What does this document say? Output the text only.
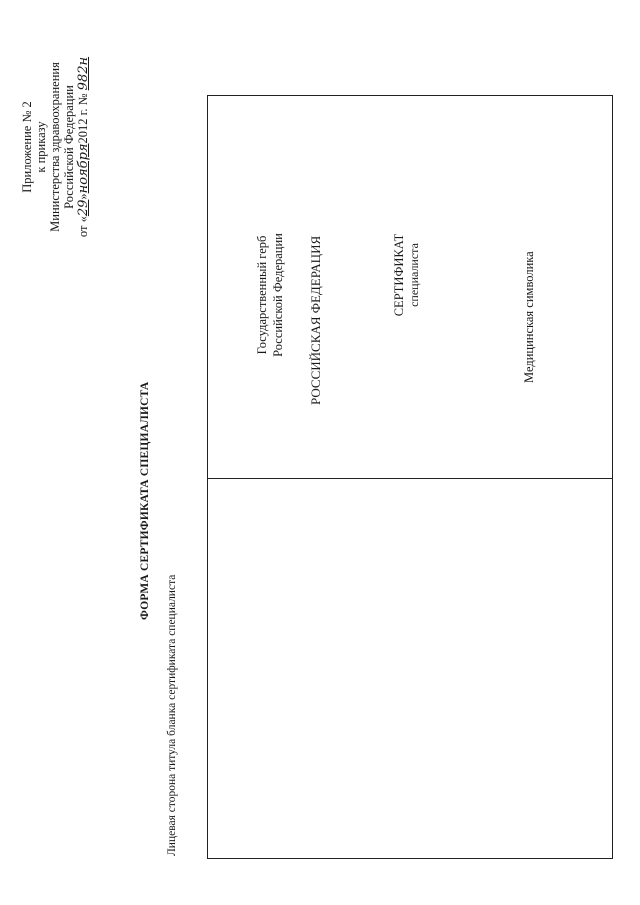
Приложение № 2 к приказу Министерства здравоохранения Российской Федерации
от «29»ноября2012 г. № 982н
ФОРМА СЕРТИФИКАТА СПЕЦИАЛИСТА
Лицевая сторона титула бланка сертификата специалиста
Государственный герб Российской Федерации РОССИЙСКАЯ ФЕДЕРАЦИЯ	СЕРТИФИКАТ специалиста	Медицинская символика
